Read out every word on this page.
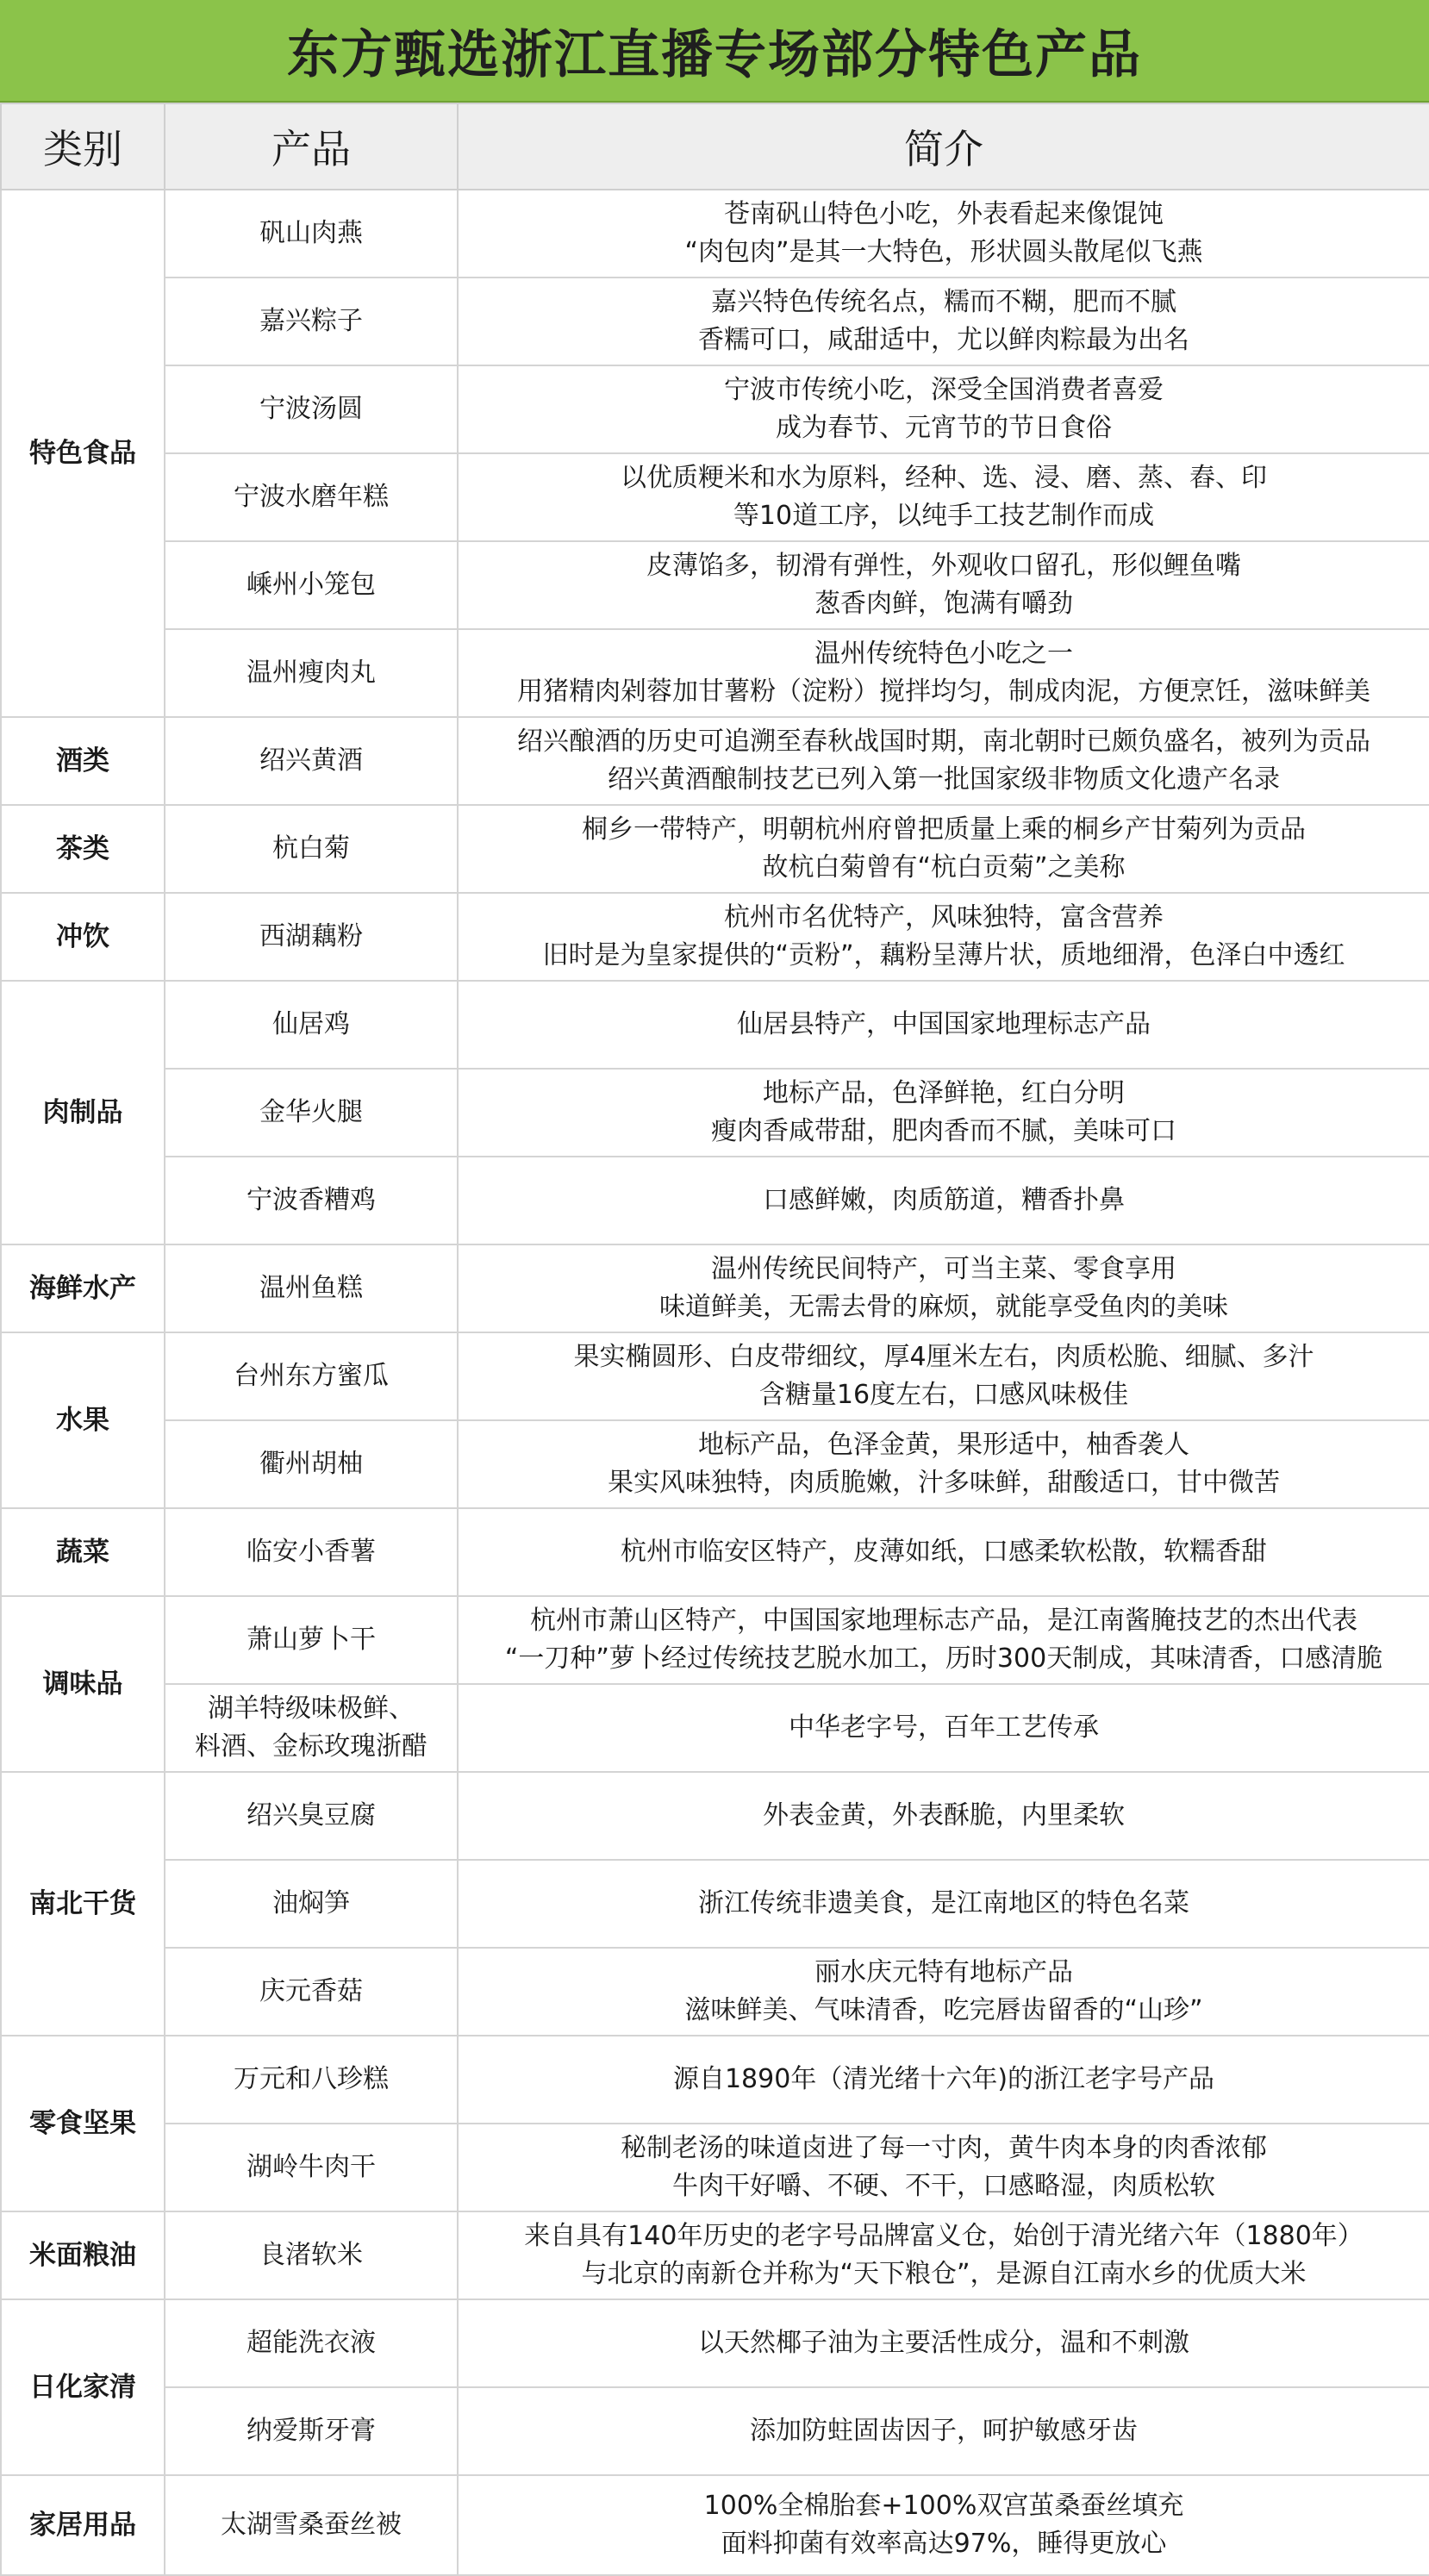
东方甄选浙江直播专场部分特色产品
类别	产品	简介
特色食品	矾山肉燕	苍南矾山特色小吃，外表看起来像馄饨
“肉包肉”是其一大特色，形状圆头散尾似飞燕

	嘉兴粽子	嘉兴特色传统名点，糯而不糊，肥而不腻
香糯可口，咸甜适中，尤以鲜肉粽最为出名

	宁波汤圆	宁波市传统小吃，深受全国消费者喜爱
成为春节、元宵节的节日食俗

	宁波水磨年糕	以优质粳米和水为原料，经种、选、浸、磨、蒸、舂、印
等10道工序，以纯手工技艺制作而成

	嵊州小笼包	皮薄馅多，韧滑有弹性，外观收口留孔，形似鲤鱼嘴
葱香肉鲜，饱满有嚼劲

	温州瘦肉丸	温州传统特色小吃之一
用猪精肉剁蓉加甘薯粉（淀粉）搅拌均匀，制成肉泥，方便烹饪，滋味鲜美

酒类	绍兴黄酒	绍兴酿酒的历史可追溯至春秋战国时期，南北朝时已颇负盛名，被列为贡品
绍兴黄酒酿制技艺已列入第一批国家级非物质文化遗产名录

茶类	杭白菊	桐乡一带特产，明朝杭州府曾把质量上乘的桐乡产甘菊列为贡品
故杭白菊曾有“杭白贡菊”之美称

冲饮	西湖藕粉	杭州市名优特产，风味独特，富含营养
旧时是为皇家提供的“贡粉”，藕粉呈薄片状，质地细滑，色泽白中透红

肉制品	仙居鸡	仙居县特产，中国国家地理标志产品

	金华火腿	地标产品，色泽鲜艳，红白分明
瘦肉香咸带甜，肥肉香而不腻，美味可口

	宁波香糟鸡	口感鲜嫩，肉质筋道，糟香扑鼻

海鲜水产	温州鱼糕	温州传统民间特产，可当主菜、零食享用
味道鲜美，无需去骨的麻烦，就能享受鱼肉的美味

水果	台州东方蜜瓜	果实椭圆形、白皮带细纹，厚4厘米左右，肉质松脆、细腻、多汁
含糖量16度左右，口感风味极佳

	衢州胡柚	地标产品，色泽金黄，果形适中，柚香袭人
果实风味独特，肉质脆嫩，汁多味鲜，甜酸适口，甘中微苦

蔬菜	临安小香薯	杭州市临安区特产，皮薄如纸，口感柔软松散，软糯香甜

调味品	萧山萝卜干	杭州市萧山区特产，中国国家地理标志产品，是江南酱腌技艺的杰出代表
“一刀种”萝卜经过传统技艺脱水加工，历时300天制成，其味清香，口感清脆

	湖羊特级味极鲜、
料酒、金标玫瑰浙醋	中华老字号，百年工艺传承

南北干货	绍兴臭豆腐	外表金黄，外表酥脆，内里柔软

	油焖笋	浙江传统非遗美食，是江南地区的特色名菜

	庆元香菇	丽水庆元特有地标产品
滋味鲜美、气味清香，吃完唇齿留香的“山珍”

零食坚果	万元和八珍糕	源自1890年（清光绪十六年)的浙江老字号产品

	湖岭牛肉干	秘制老汤的味道卤进了每一寸肉，黄牛肉本身的肉香浓郁
牛肉干好嚼、不硬、不干，口感略湿，肉质松软

米面粮油	良渚软米	来自具有140年历史的老字号品牌富义仓，始创于清光绪六年（1880年）
与北京的南新仓并称为“天下粮仓”，是源自江南水乡的优质大米

日化家清	超能洗衣液	以天然椰子油为主要活性成分，温和不刺激

	纳爱斯牙膏	添加防蛀固齿因子，呵护敏感牙齿

家居用品	太湖雪桑蚕丝被	100%全棉胎套+100%双宫茧桑蚕丝填充
面料抑菌有效率高达97%，睡得更放心
